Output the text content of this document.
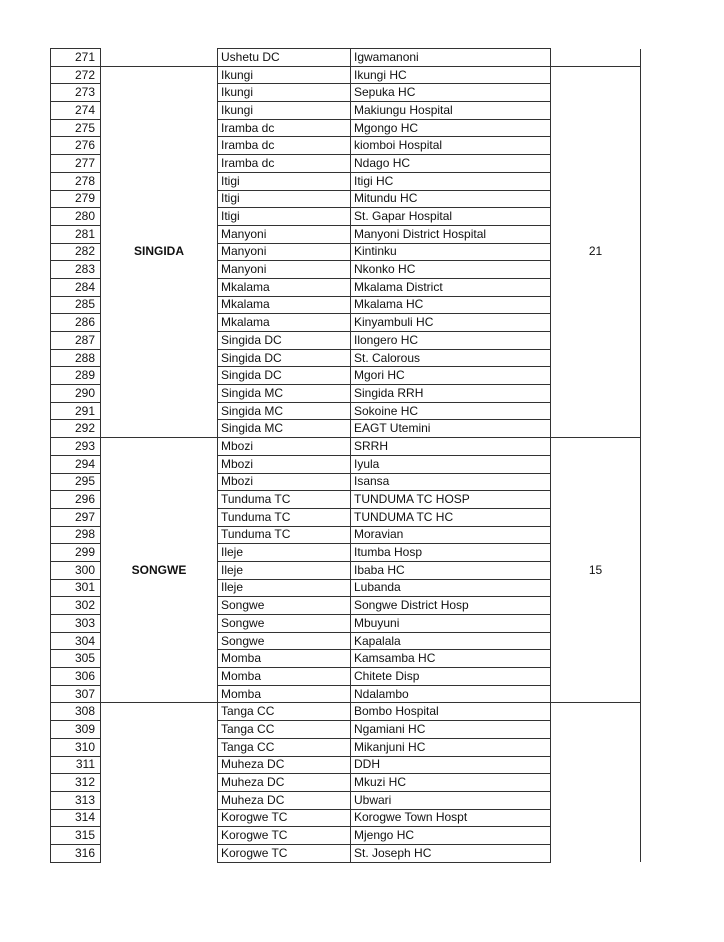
271		Ushetu DC	Igwamanoni	
272	SINGIDA	Ikungi	Ikungi HC	21
273		Ikungi	Sepuka HC	
274		Ikungi	Makiungu Hospital	
275		Iramba dc	Mgongo HC	
276		Iramba dc	kiomboi Hospital	
277		Iramba dc	Ndago HC	
278		Itigi	Itigi HC	
279		Itigi	Mitundu HC	
280		Itigi	St. Gapar Hospital	
281		Manyoni	Manyoni District Hospital	
282		Manyoni	Kintinku	
283		Manyoni	Nkonko HC	
284		Mkalama	Mkalama District	
285		Mkalama	Mkalama HC	
286		Mkalama	Kinyambuli HC	
287		Singida DC	Ilongero HC	
288		Singida DC	St. Calorous	
289		Singida DC	Mgori HC	
290		Singida MC	Singida RRH	
291		Singida MC	Sokoine HC	
292		Singida MC	EAGT Utemini	
293	SONGWE	Mbozi	SRRH	15
294		Mbozi	Iyula	
295		Mbozi	Isansa	
296		Tunduma TC	TUNDUMA TC HOSP	
297		Tunduma TC	TUNDUMA TC HC	
298		Tunduma TC	Moravian	
299		Ileje	Itumba Hosp	
300		Ileje	Ibaba HC	
301		Ileje	Lubanda	
302		Songwe	Songwe District Hosp	
303		Songwe	Mbuyuni	
304		Songwe	Kapalala	
305		Momba	Kamsamba HC	
306		Momba	Chitete Disp	
307		Momba	Ndalambo	
308		Tanga CC	Bombo Hospital	
309		Tanga CC	Ngamiani HC	
310		Tanga CC	Mikanjuni HC	
311		Muheza DC	DDH	
312		Muheza DC	Mkuzi HC	
313		Muheza DC	Ubwari	
314		Korogwe TC	Korogwe Town Hospt	
315		Korogwe TC	Mjengo HC	
316		Korogwe TC	St. Joseph HC	
